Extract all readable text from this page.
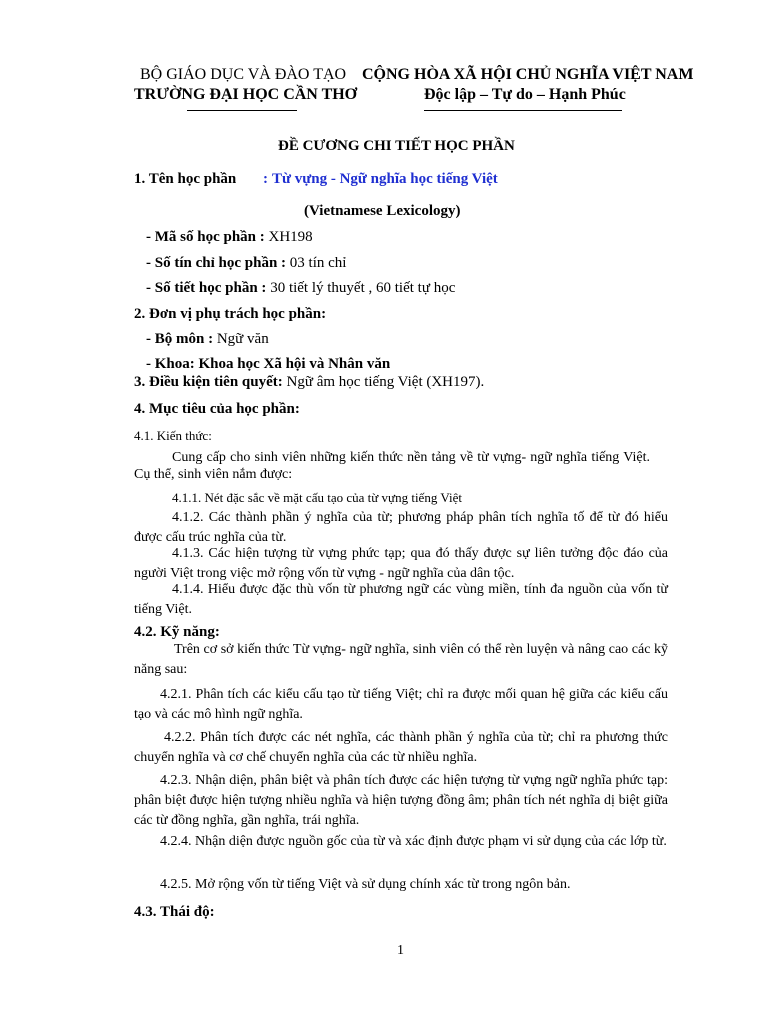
BỘ GIÁO DỤC VÀ ĐÀO TẠO
TRƯỜNG ĐẠI HỌC CẦN THƠ
CỘNG HÒA XÃ HỘI CHỦ NGHĨA VIỆT NAM
Độc lập – Tự do – Hạnh Phúc
ĐỀ CƯƠNG CHI TIẾT HỌC PHẦN
1. Tên học phần : Từ vựng - Ngữ nghĩa học tiếng Việt
(Vietnamese Lexicology)
- Mã số học phần : XH198
- Số tín chỉ học phần : 03 tín chỉ
- Số tiết học phần : 30 tiết lý thuyết , 60 tiết tự học
2. Đơn vị phụ trách học phần:
- Bộ môn : Ngữ văn
- Khoa: Khoa học Xã hội và Nhân văn
3. Điều kiện tiên quyết: Ngữ âm học tiếng Việt (XH197).
4. Mục tiêu của học phần:
4.1. Kiến thức:
Cung cấp cho sinh viên những kiến thức nền tảng về từ vựng- ngữ nghĩa tiếng Việt. Cụ thể, sinh viên nắm được:
4.1.1. Nét đặc sắc về mặt cấu tạo của từ vựng tiếng Việt
4.1.2. Các thành phần ý nghĩa của từ; phương pháp phân tích nghĩa tố để từ đó hiểu được cấu trúc nghĩa của từ.
4.1.3. Các hiện tượng từ vựng phức tạp; qua đó thấy được sự liên tưởng độc đáo của người Việt trong việc mở rộng vốn từ vựng - ngữ nghĩa của dân tộc.
4.1.4. Hiểu được đặc thù vốn từ phương ngữ các vùng miền, tính đa nguồn của vốn từ tiếng Việt.
4.2. Kỹ năng:
Trên cơ sở kiến thức Từ vựng- ngữ nghĩa, sinh viên có thể rèn luyện và nâng cao các kỹ năng sau:
4.2.1. Phân tích các kiểu cấu tạo từ tiếng Việt; chỉ ra được mối quan hệ giữa các kiểu cấu tạo và các mô hình ngữ nghĩa.
4.2.2. Phân tích được các nét nghĩa, các thành phần ý nghĩa của từ; chỉ ra phương thức chuyển nghĩa và cơ chế chuyển nghĩa của các từ nhiều nghĩa.
4.2.3. Nhận diện, phân biệt và phân tích được các hiện tượng từ vựng ngữ nghĩa phức tạp: phân biệt được hiện tượng nhiều nghĩa và hiện tượng đồng âm; phân tích nét nghĩa dị biệt giữa các từ đồng nghĩa, gần nghĩa, trái nghĩa.
4.2.4. Nhận diện được nguồn gốc của từ và xác định được phạm vi sử dụng của các lớp từ.
4.2.5. Mở rộng vốn từ tiếng Việt và sử dụng chính xác từ trong ngôn bản.
4.3. Thái độ:
1
